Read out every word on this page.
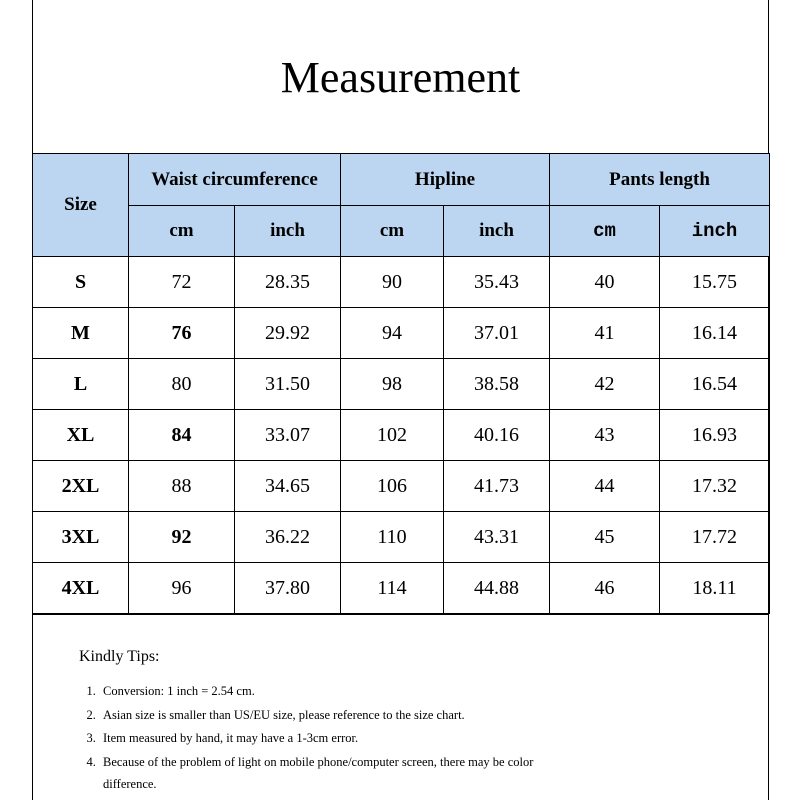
Measurement
Size	Waist circumference		Hipline		Pants length	
	cm	inch	cm	inch	cm	inch
S	72	28.35	90	35.43	40	15.75
M	76	29.92	94	37.01	41	16.14
L	80	31.50	98	38.58	42	16.54
XL	84	33.07	102	40.16	43	16.93
2XL	88	34.65	106	41.73	44	17.32
3XL	92	36.22	110	43.31	45	17.72
4XL	96	37.80	114	44.88	46	18.11
Kindly Tips:
1. Conversion: 1 inch = 2.54 cm.
2. Asian size is smaller than US/EU size, please reference to the size chart.
3. Item measured by hand, it may have a 1-3cm error.
4. Because of the problem of light on mobile phone/computer screen, there may be color difference.
